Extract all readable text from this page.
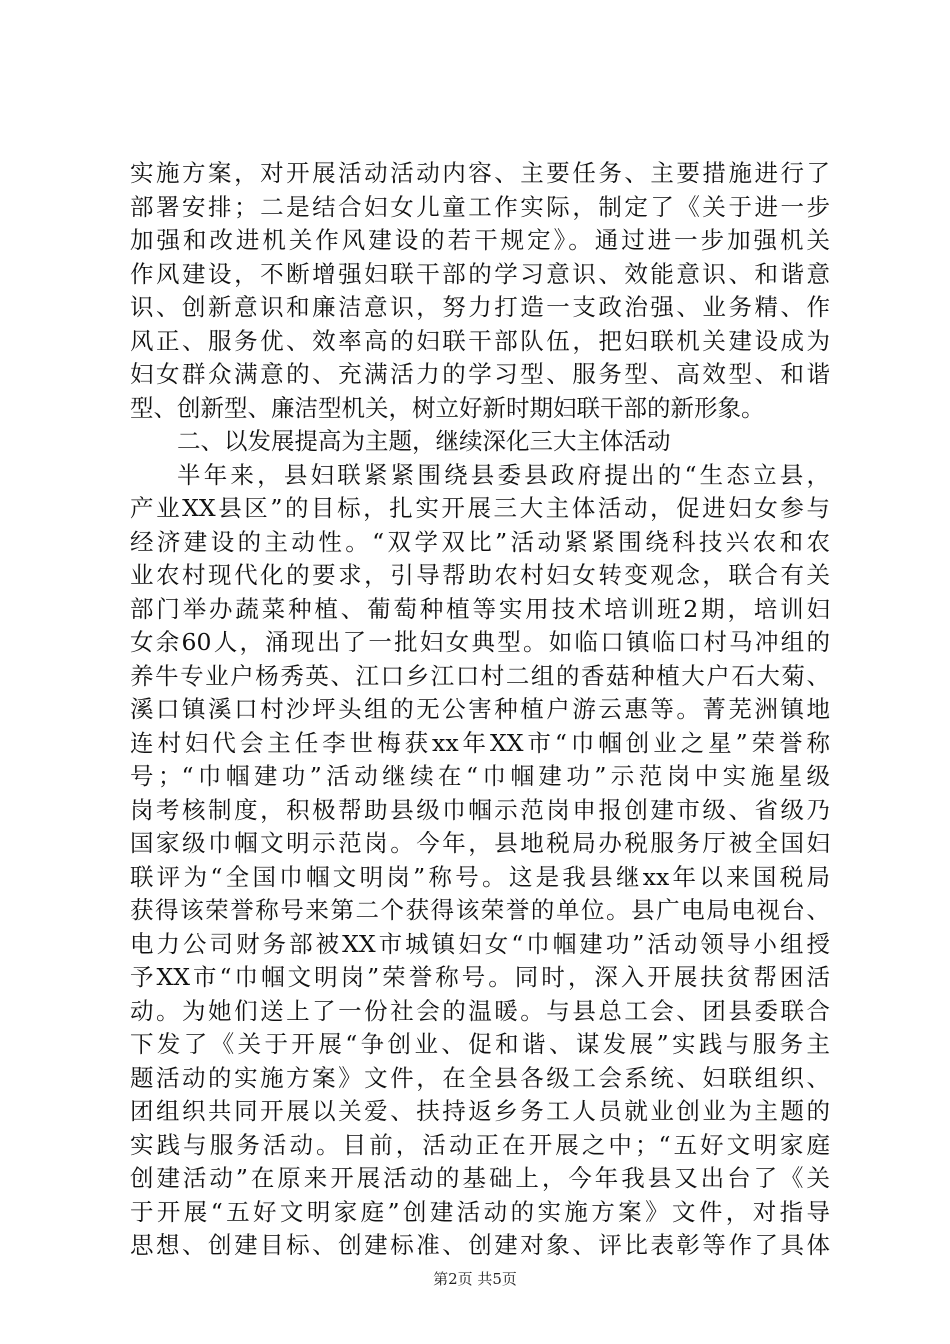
实施方案，对开展活动活动内容、主要任务、主要措施进行了
部署安排；二是结合妇女儿童工作实际，制定了《关于进一步
加强和改进机关作风建设的若干规定》。通过进一步加强机关
作风建设，不断增强妇联干部的学习意识、效能意识、和谐意
识、创新意识和廉洁意识，努力打造一支政治强、业务精、作
风正、服务优、效率高的妇联干部队伍，把妇联机关建设成为
妇女群众满意的、充满活力的学习型、服务型、高效型、和谐
型、创新型、廉洁型机关，树立好新时期妇联干部的新形象。
二、以发展提高为主题，继续深化三大主体活动
半年来，县妇联紧紧围绕县委县政府提出的“生态立县，
产业XX县区”的目标，扎实开展三大主体活动，促进妇女参与
经济建设的主动性。“双学双比”活动紧紧围绕科技兴农和农
业农村现代化的要求，引导帮助农村妇女转变观念，联合有关
部门举办蔬菜种植、葡萄种植等实用技术培训班2期，培训妇
女余60人，涌现出了一批妇女典型。如临口镇临口村马冲组的
养牛专业户杨秀英、江口乡江口村二组的香菇种植大户石大菊、
溪口镇溪口村沙坪头组的无公害种植户游云惠等。菁芜洲镇地
连村妇代会主任李世梅获xx年XX市“巾帼创业之星”荣誉称
号；“巾帼建功”活动继续在“巾帼建功”示范岗中实施星级
岗考核制度，积极帮助县级巾帼示范岗申报创建市级、省级乃
国家级巾帼文明示范岗。今年，县地税局办税服务厅被全国妇
联评为“全国巾帼文明岗”称号。这是我县继xx年以来国税局
获得该荣誉称号来第二个获得该荣誉的单位。县广电局电视台、
电力公司财务部被XX市城镇妇女“巾帼建功”活动领导小组授
予XX市“巾帼文明岗”荣誉称号。同时，深入开展扶贫帮困活
动。为她们送上了一份社会的温暖。与县总工会、团县委联合
下发了《关于开展“争创业、促和谐、谋发展”实践与服务主
题活动的实施方案》文件，在全县各级工会系统、妇联组织、
团组织共同开展以关爱、扶持返乡务工人员就业创业为主题的
实践与服务活动。目前，活动正在开展之中；“五好文明家庭
创建活动”在原来开展活动的基础上，今年我县又出台了《关
于开展“五好文明家庭”创建活动的实施方案》文件，对指导
思想、创建目标、创建标准、创建对象、评比表彰等作了具体
第2页 共5页
